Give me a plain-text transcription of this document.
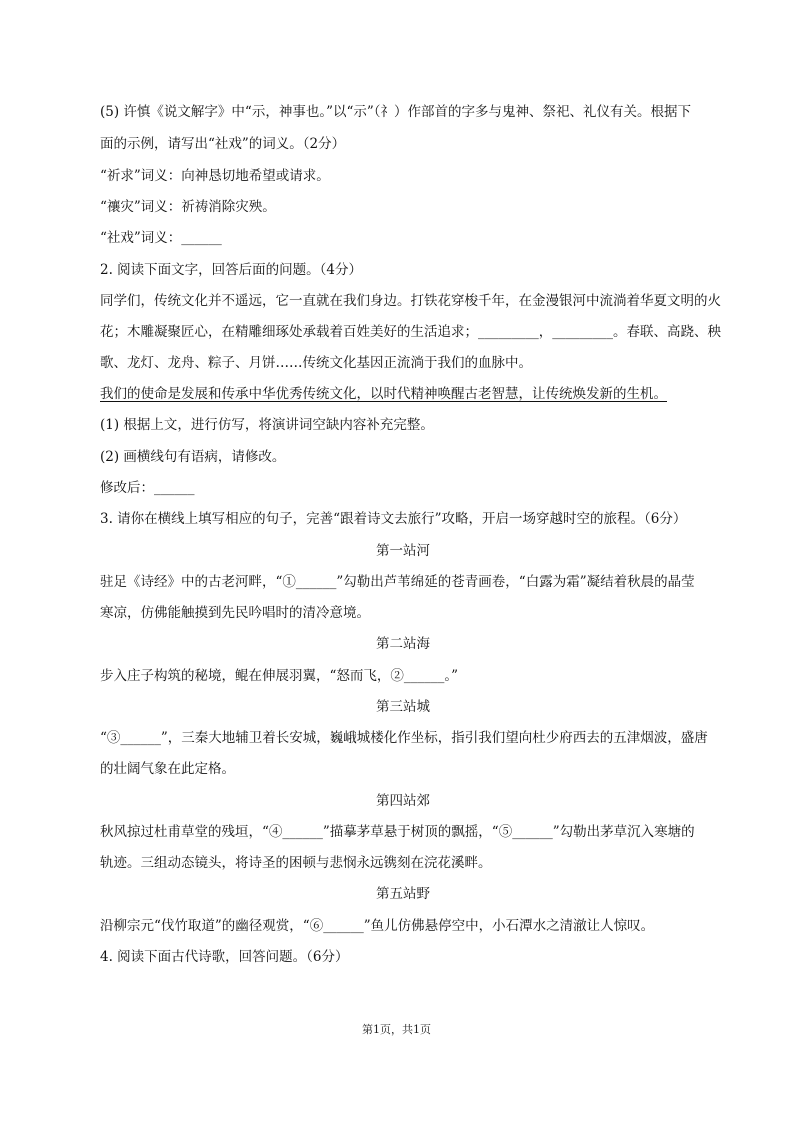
(5) 许慎《说文解字》中“示，神事也。”以“示”（礻）作部首的字多与鬼神、祭祀、礼仪有关。根据下
面的示例，请写出“社戏”的词义。（2分）
“祈求”词义：向神恳切地希望或请求。
“禳灾”词义：祈祷消除灾殃。
“社戏”词义：______
2. 阅读下面文字，回答后面的问题。（4分）
同学们，传统文化并不遥远，它一直就在我们身边。打铁花穿梭千年，在金漫银河中流淌着华夏文明的火
花；木雕凝聚匠心，在精雕细琢处承载着百姓美好的生活追求；_________，_________。春联、高跷、秧
歌、龙灯、龙舟、粽子、月饼……传统文化基因正流淌于我们的血脉中。
我们的使命是发展和传承中华优秀传统文化，以时代精神唤醒古老智慧，让传统焕发新的生机。
(1) 根据上文，进行仿写，将演讲词空缺内容补充完整。
(2) 画横线句有语病，请修改。
修改后：______
3. 请你在横线上填写相应的句子，完善“跟着诗文去旅行”攻略，开启一场穿越时空的旅程。（6分）
第一站河
驻足《诗经》中的古老河畔，“①______”勾勒出芦苇绵延的苍青画卷，“白露为霜”凝结着秋晨的晶莹
寒凉，仿佛能触摸到先民吟唱时的清冷意境。
第二站海
步入庄子构筑的秘境，鲲在伸展羽翼，“怒而飞，②______。”
第三站城
“③______”，三秦大地辅卫着长安城，巍峨城楼化作坐标，指引我们望向杜少府西去的五津烟波，盛唐
的壮阔气象在此定格。
第四站郊
秋风掠过杜甫草堂的残垣，“④______”描摹茅草悬于树顶的飘摇，“⑤______”勾勒出茅草沉入寒塘的
轨迹。三组动态镜头，将诗圣的困顿与悲悯永远镌刻在浣花溪畔。
第五站野
沿柳宗元“伐竹取道”的幽径观赏，“⑥______”鱼儿仿佛悬停空中，小石潭水之清澈让人惊叹。
4. 阅读下面古代诗歌，回答问题。（6分）
第1页，共1页
